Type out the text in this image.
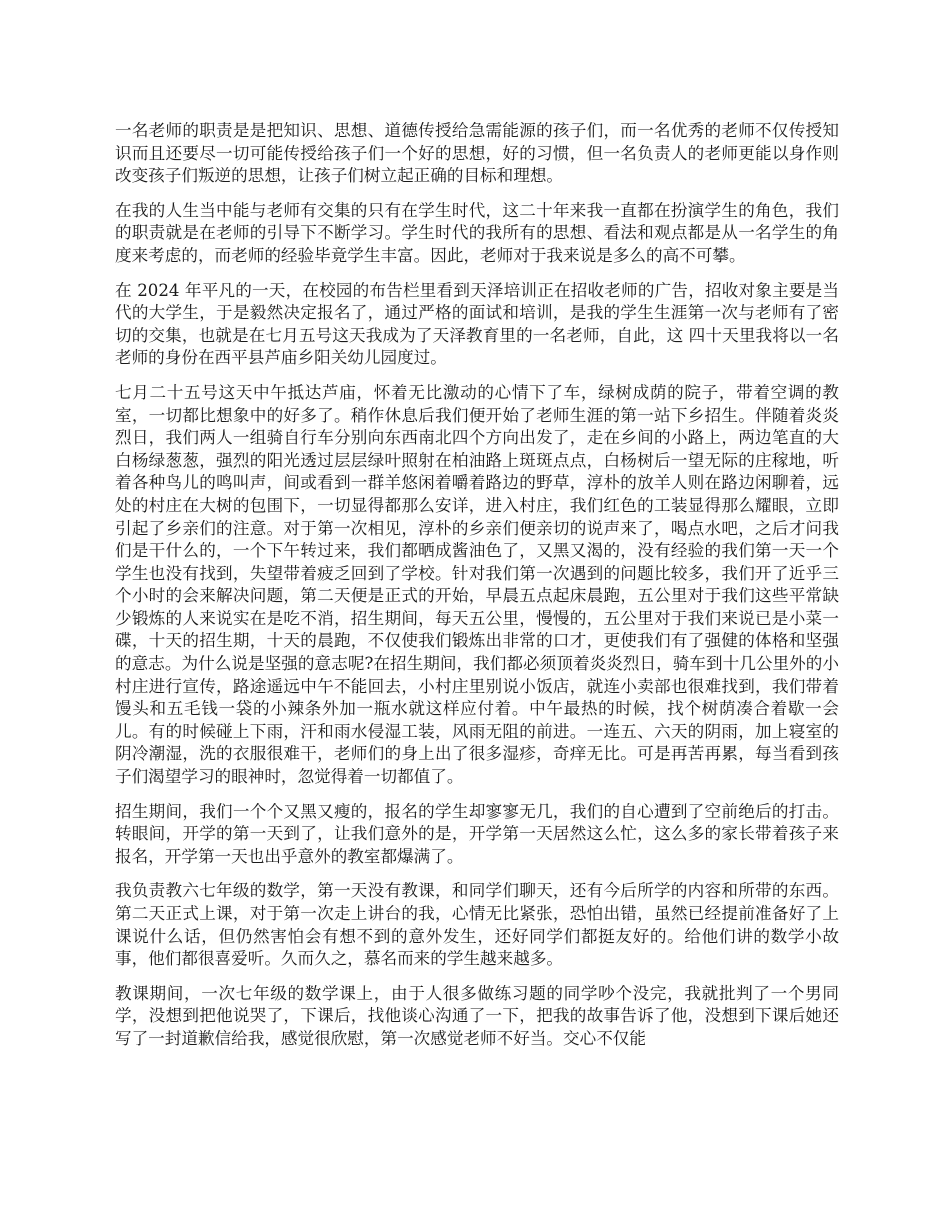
一名老师的职责是是把知识、思想、道德传授给急需能源的孩子们，而一名优秀的老师不仅传授知识而且还要尽一切可能传授给孩子们一个好的思想，好的习惯，但一名负责人的老师更能以身作则改变孩子们叛逆的思想，让孩子们树立起正确的目标和理想。

在我的人生当中能与老师有交集的只有在学生时代，这二十年来我一直都在扮演学生的角色，我们的职责就是在老师的引导下不断学习。学生时代的我所有的思想、看法和观点都是从一名学生的角度来考虑的，而老师的经验毕竟学生丰富。因此，老师对于我来说是多么的高不可攀。

在 2024 年平凡的一天，在校园的布告栏里看到天泽培训正在招收老师的广告，招收对象主要是当代的大学生，于是毅然决定报名了，通过严格的面试和培训，是我的学生生涯第一次与老师有了密切的交集，也就是在七月五号这天我成为了天泽教育里的一名老师，自此，这 四十天里我将以一名老师的身份在西平县芦庙乡阳关幼儿园度过。

七月二十五号这天中午抵达芦庙，怀着无比激动的心情下了车，绿树成荫的院子，带着空调的教室，一切都比想象中的好多了。稍作休息后我们便开始了老师生涯的第一站下乡招生。伴随着炎炎烈日，我们两人一组骑自行车分别向东西南北四个方向出发了，走在乡间的小路上，两边笔直的大白杨绿葱葱，强烈的阳光透过层层绿叶照射在柏油路上斑斑点点，白杨树后一望无际的庄稼地，听着各种鸟儿的鸣叫声，间或看到一群羊悠闲着嚼着路边的野草，淳朴的放羊人则在路边闲聊着，远处的村庄在大树的包围下，一切显得都那么安详，进入村庄，我们红色的工装显得那么耀眼，立即引起了乡亲们的注意。对于第一次相见，淳朴的乡亲们便亲切的说声来了，喝点水吧，之后才问我们是干什么的，一个下午转过来，我们都晒成酱油色了，又黑又渴的，没有经验的我们第一天一个学生也没有找到，失望带着疲乏回到了学校。针对我们第一次遇到的问题比较多，我们开了近乎三个小时的会来解决问题，第二天便是正式的开始，早晨五点起床晨跑，五公里对于我们这些平常缺少锻炼的人来说实在是吃不消，招生期间，每天五公里，慢慢的，五公里对于我们来说已是小菜一碟，十天的招生期，十天的晨跑，不仅使我们锻炼出非常的口才，更使我们有了强健的体格和坚强的意志。为什么说是坚强的意志呢?在招生期间，我们都必须顶着炎炎烈日，骑车到十几公里外的小村庄进行宣传，路途遥远中午不能回去，小村庄里别说小饭店，就连小卖部也很难找到，我们带着馒头和五毛钱一袋的小辣条外加一瓶水就这样应付着。中午最热的时候，找个树荫凑合着歇一会儿。有的时候碰上下雨，汗和雨水侵湿工装，风雨无阻的前进。一连五、六天的阴雨，加上寝室的阴冷潮湿，洗的衣服很难干，老师们的身上出了很多湿疹，奇痒无比。可是再苦再累，每当看到孩子们渴望学习的眼神时，忽觉得着一切都值了。

招生期间，我们一个个又黑又瘦的，报名的学生却寥寥无几，我们的自心遭到了空前绝后的打击。转眼间，开学的第一天到了，让我们意外的是，开学第一天居然这么忙，这么多的家长带着孩子来报名，开学第一天也出乎意外的教室都爆满了。

我负责教六七年级的数学，第一天没有教课，和同学们聊天，还有今后所学的内容和所带的东西。第二天正式上课，对于第一次走上讲台的我，心情无比紧张，恐怕出错，虽然已经提前准备好了上课说什么话，但仍然害怕会有想不到的意外发生，还好同学们都挺友好的。给他们讲的数学小故事，他们都很喜爱听。久而久之，慕名而来的学生越来越多。

教课期间，一次七年级的数学课上，由于人很多做练习题的同学吵个没完，我就批判了一个男同学，没想到把他说哭了，下课后，找他谈心沟通了一下，把我的故事告诉了他，没想到下课后她还写了一封道歉信给我，感觉很欣慰，第一次感觉老师不好当。交心不仅能
